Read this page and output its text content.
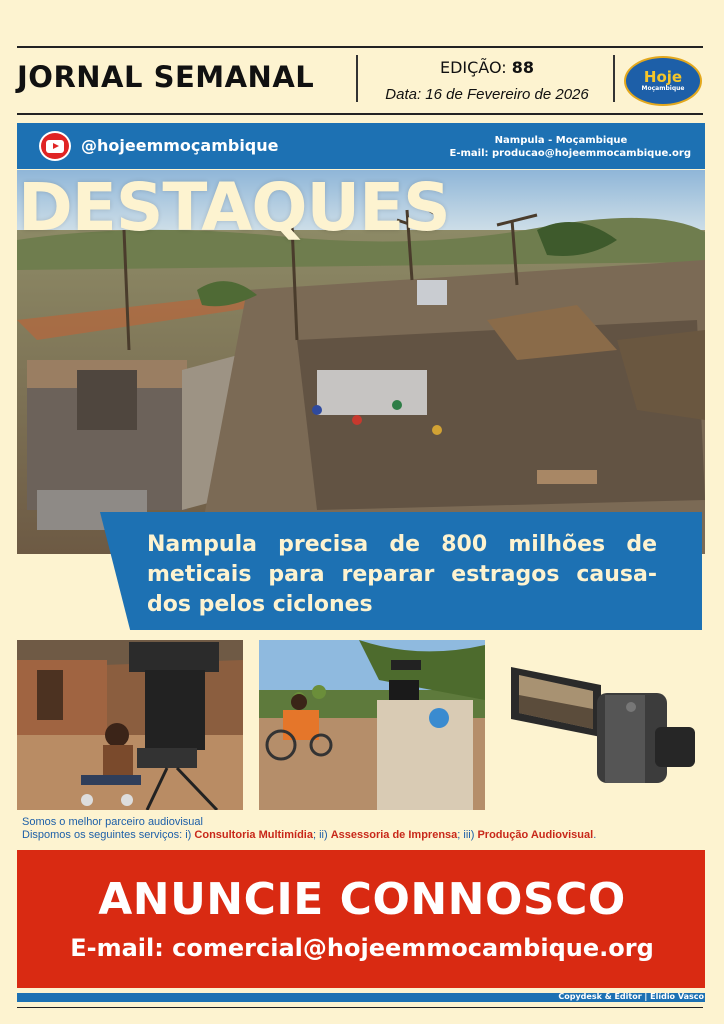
JORNAL SEMANAL	EDIÇÃO: 88
Data: 16 de Fevereiro de 2026
Hoje
Moçambique
@hojeemmoçambique	Nampula - Moçambique
E-mail: producao@hojeemmocambique.org
DESTAQUES
Nampula precisa de 800 milhões de meticais para reparar estragos causa-dos pelos ciclones
Somos o melhor parceiro audiovisual
Dispomos os seguintes serviços: i) Consultoria Multimídia; ii) Assessoria de Imprensa; iii) Produção Audiovisual.
ANUNCIE CONNOSCO
E-mail: comercial@hojeemmocambique.org
Copydesk & Editor | Elídio Vasco
